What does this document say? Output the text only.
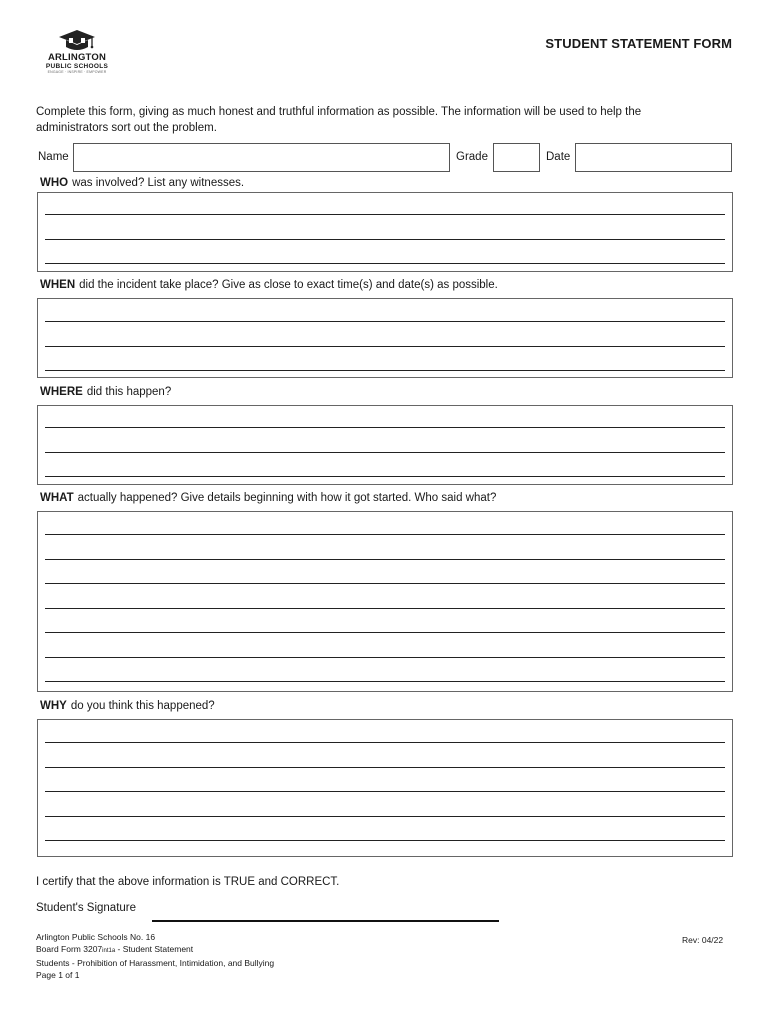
ARLINGTON
PUBLIC SCHOOLS
ENGAGE · INSPIRE · EMPOWER
STUDENT STATEMENT FORM
Complete this form, giving as much honest and truthful information as possible. The information will be used to help the administrators sort out the problem.
Name	Grade	Date
WHO was involved? List any witnesses.
WHEN did the incident take place? Give as close to exact time(s) and date(s) as possible.
WHERE did this happen?
WHAT actually happened? Give details beginning with how it got started. Who said what?
WHY do you think this happened?
I certify that the above information is TRUE and CORRECT.
Student's Signature
Arlington Public Schools No. 16
Board Form 3207int1a - Student Statement
Students - Prohibition of Harassment, Intimidation, and Bullying
Page 1 of 1
Rev: 04/22
